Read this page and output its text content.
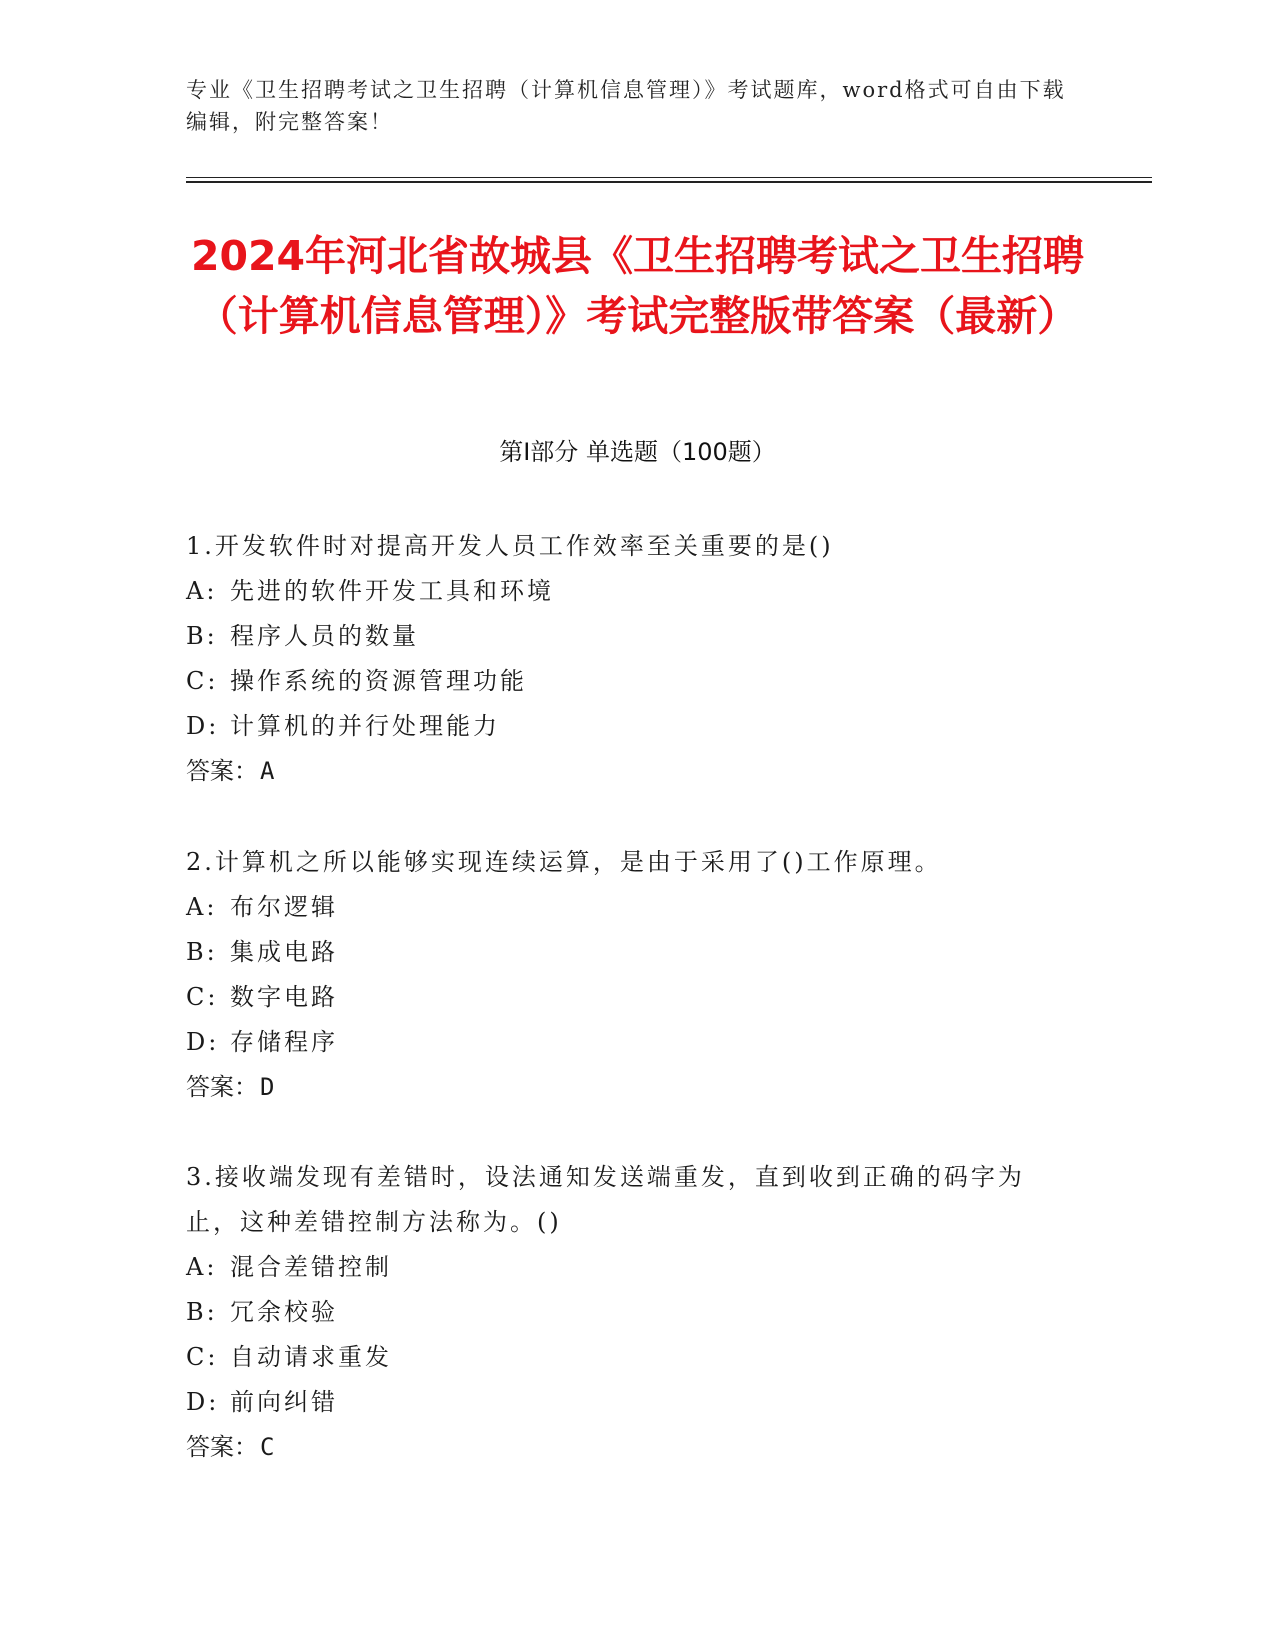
专业《卫生招聘考试之卫生招聘（计算机信息管理）》考试题库，word格式可自由下载编辑，附完整答案！
2024年河北省故城县《卫生招聘考试之卫生招聘（计算机信息管理）》考试完整版带答案（最新）
第Ⅰ部分 单选题（100题）

1.开发软件时对提高开发人员工作效率至关重要的是()

A: 先进的软件开发工具和环境

B: 程序人员的数量

C: 操作系统的资源管理功能

D: 计算机的并行处理能力

答案：A

2.计算机之所以能够实现连续运算，是由于采用了()工作原理。

A: 布尔逻辑

B: 集成电路

C: 数字电路

D: 存储程序

答案：D

3.接收端发现有差错时，设法通知发送端重发，直到收到正确的码字为止，这种差错控制方法称为。()

A: 混合差错控制

B: 冗余校验

C: 自动请求重发

D: 前向纠错

答案：C
